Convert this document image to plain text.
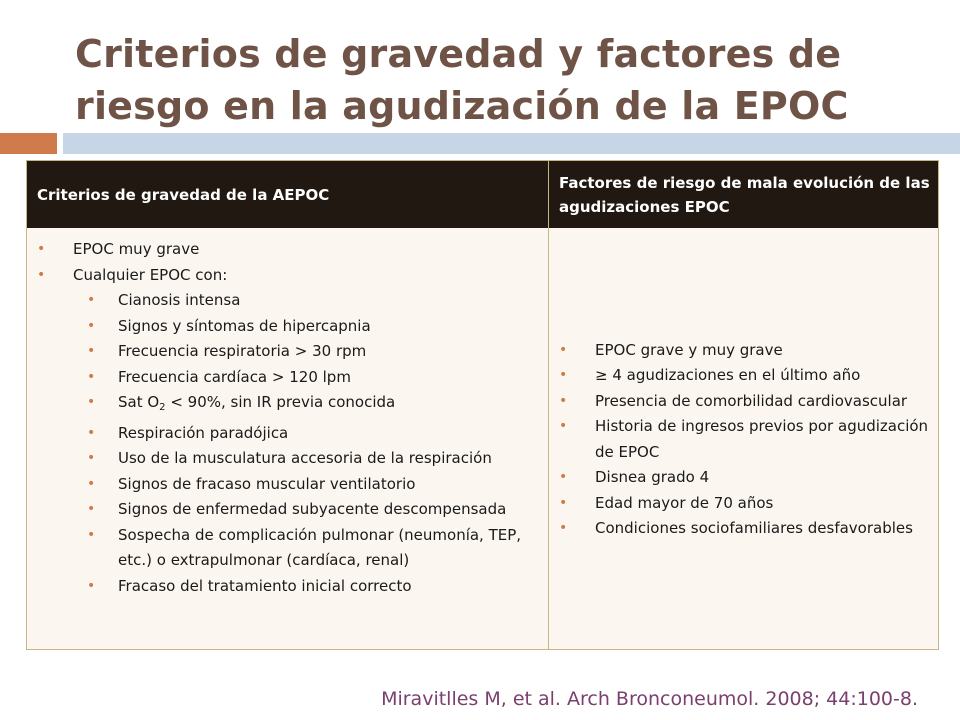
Criterios de gravedad y factores de riesgo en la agudización de la EPOC
Criterios de gravedad de la AEPOC
Factores de riesgo de mala evolución de las agudizaciones EPOC
• EPOC muy grave
• Cualquier EPOC con:
• Cianosis intensa
• Signos y síntomas de hipercapnia
• Frecuencia respiratoria > 30 rpm
• Frecuencia cardíaca > 120 lpm
• Sat $O_2 < 90\%$, sin IR previa conocida
• Respiración paradójica
• Uso de la musculatura accesoria de la respiración
• Signos de fracaso muscular ventilatorio
• Signos de enfermedad subyacente descompensada
• Sospecha de complicación pulmonar (neumonía, TEP, etc.) o extrapulmonar (cardíaca, renal)
• Fracaso del tratamiento inicial correcto
• EPOC grave y muy grave
• ≥ 4 agudizaciones en el último año
• Presencia de comorbilidad cardiovascular
• Historia de ingresos previos por agudización de EPOC
• Disnea grado 4
• Edad mayor de 70 años
• Condiciones sociofamiliares desfavorables
Miravitlles M, et al. Arch Bronconeumol. 2008; 44:100-8.
